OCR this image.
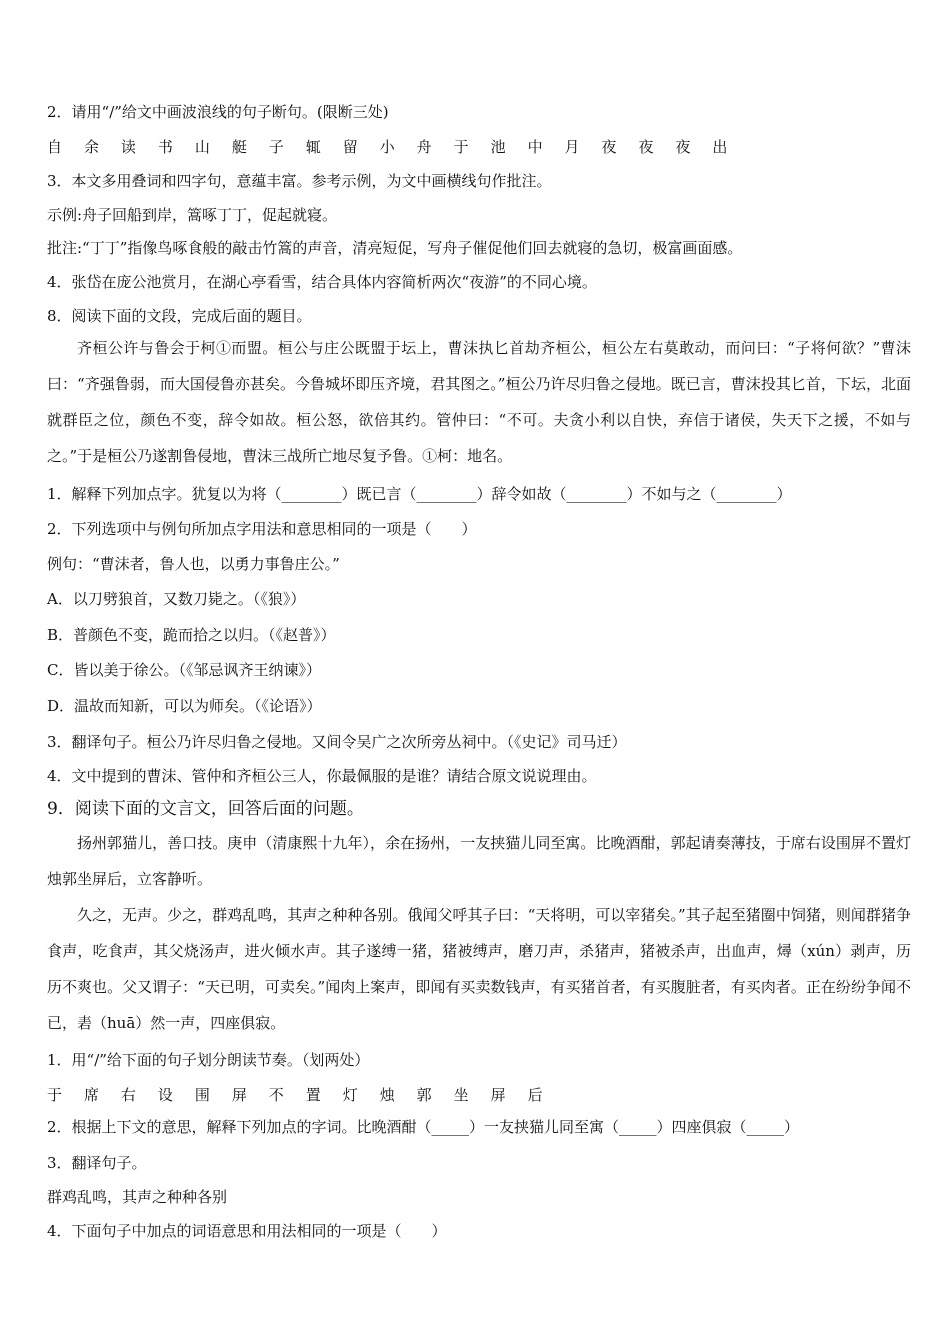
2．请用“/”给文中画波浪线的句子断句。(限断三处)
自 余 读 书 山 艇 子 辄 留 小 舟 于 池 中 月 夜 夜 夜 出
3．本文多用叠词和四字句，意蕴丰富。参考示例，为文中画横线句作批注。
示例:舟子回船到岸，篙啄丁丁，促起就寝。
批注:“丁丁”指像鸟啄食般的敲击竹篙的声音，清亮短促，写舟子催促他们回去就寝的急切，极富画面感。
4．张岱在庞公池赏月，在湖心亭看雪，结合具体内容简析两次“夜游”的不同心境。
8．阅读下面的文段，完成后面的题目。
齐桓公许与鲁会于柯①而盟。桓公与庄公既盟于坛上，曹沫执匕首劫齐桓公，桓公左右莫敢动，而问曰：“子将何欲？”曹沫曰：“齐强鲁弱，而大国侵鲁亦甚矣。今鲁城坏即压齐境，君其图之。”桓公乃许尽归鲁之侵地。既已言，曹沫投其匕首，下坛，北面就群臣之位，颜色不变，辞令如故。桓公怒，欲倍其约。管仲曰：“不可。夫贪小利以自快，弃信于诸侯，失天下之援，不如与之。”于是桓公乃遂割鲁侵地，曹沫三战所亡地尽复予鲁。①柯：地名。
1．解释下列加点字。犹复以为将（________）既已言（________）辞令如故（________）不如与之（________）
2．下列选项中与例句所加点字用法和意思相同的一项是（　　）
例句：“曹沫者，鲁人也，以勇力事鲁庄公。”
A．以刀劈狼首，又数刀毙之。（《狼》）
B．普颜色不变，跪而拾之以归。（《赵普》）
C．皆以美于徐公。（《邹忌讽齐王纳谏》）
D．温故而知新，可以为师矣。（《论语》）
3．翻译句子。桓公乃许尽归鲁之侵地。又间令吴广之次所旁丛祠中。（《史记》司马迁）
4．文中提到的曹沫、管仲和齐桓公三人，你最佩服的是谁？请结合原文说说理由。
9．阅读下面的文言文，回答后面的问题。
扬州郭猫儿，善口技。庚申（清康熙十九年），余在扬州，一友挟猫儿同至寓。比晚酒酣，郭起请奏薄技，于席右设围屏不置灯烛郭坐屏后，立客静听。
久之，无声。少之，群鸡乱鸣，其声之种种各别。俄闻父呼其子曰：“天将明，可以宰猪矣。”其子起至猪圈中饲猪，则闻群猪争食声，吃食声，其父烧汤声，进火倾水声。其子遂缚一猪，猪被缚声，磨刀声，杀猪声，猪被杀声，出血声，燖（xún）剥声，历历不爽也。父又谓子：“天已明，可卖矣。”闻肉上案声，即闻有买卖数钱声，有买猪首者，有买腹脏者，有买肉者。正在纷纷争闻不已，砉（huā）然一声，四座俱寂。
1．用“/”给下面的句子划分朗读节奏。（划两处）
于 席 右 设 围 屏 不 置 灯 烛 郭 坐 屏 后
2．根据上下文的意思，解释下列加点的字词。比晚酒酣（_____）一友挟猫儿同至寓（_____）四座俱寂（_____）
3．翻译句子。
群鸡乱鸣，其声之种种各别
4．下面句子中加点的词语意思和用法相同的一项是（　　）
